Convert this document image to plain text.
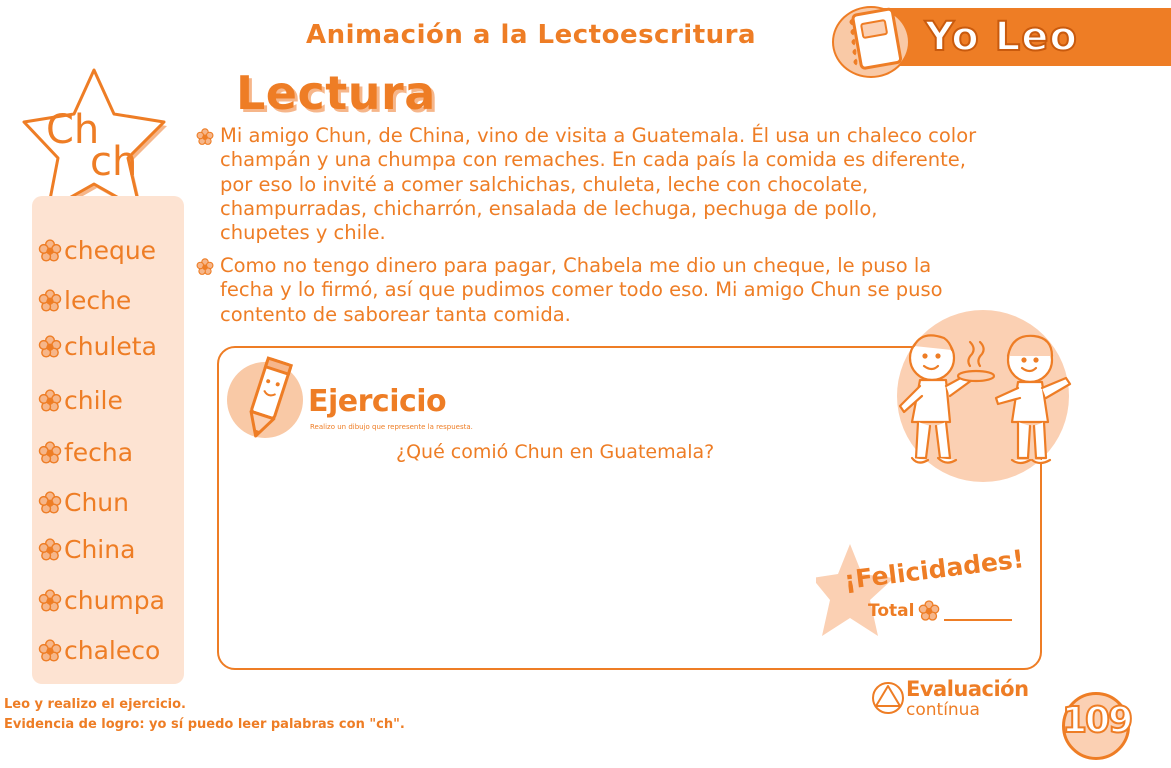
Animación a la Lectoescritura	Yo Leo
Lectura
Ch
ch
cheque
leche
chuleta
chile
fecha
Chun
China
chumpa
chaleco
Mi amigo Chun, de China, vino de visita a Guatemala. Él usa un chaleco color
champán y una chumpa con remaches. En cada país la comida es diferente,
por eso lo invité a comer salchichas, chuleta, leche con chocolate,
champurradas, chicharrón, ensalada de lechuga, pechuga de pollo,
chupetes y chile.
Como no tengo dinero para pagar, Chabela me dio un cheque, le puso la
fecha y lo firmó, así que pudimos comer todo eso. Mi amigo Chun se puso
contento de saborear tanta comida.
Ejercicio
Realizo un dibujo que represente la respuesta.
¿Qué comió Chun en Guatemala?
¡Felicidades!
Total
Leo y realizo el ejercicio.
Evidencia de logro: yo sí puedo leer palabras con "ch".
Evaluación
contínua 109
